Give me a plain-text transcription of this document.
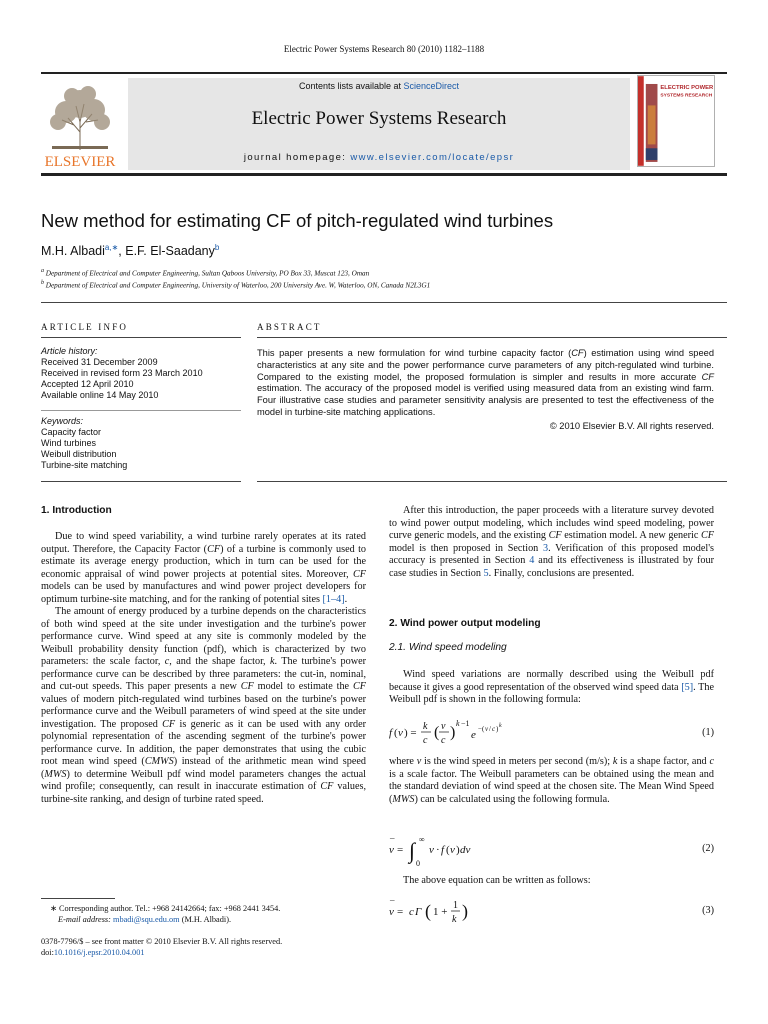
Electric Power Systems Research 80 (2010) 1182–1188
ELSEVIER
Contents lists available at ScienceDirect
Electric Power Systems Research
journal homepage: www.elsevier.com/locate/epsr
ELECTRIC POWER
SYSTEMS RESEARCH
New method for estimating CF of pitch-regulated wind turbines
M.H. Albadi$^{a,∗}$, E.F. El-Saadany$^b$
$^a$ Department of Electrical and Computer Engineering, Sultan Qaboos University, PO Box 33, Muscat 123, Oman
$^b$ Department of Electrical and Computer Engineering, University of Waterloo, 200 University Ave. W, Waterloo, ON, Canada N2L3G1
ARTICLE INFO
Article history:
Received 31 December 2009
Received in revised form 23 March 2010
Accepted 12 April 2010
Available online 14 May 2010
Keywords:
Capacity factor
Wind turbines
Weibull distribution
Turbine-site matching
ABSTRACT
This paper presents a new formulation for wind turbine capacity factor (CF) estimation using wind speed characteristics at any site and the power performance curve parameters of any pitch-regulated wind turbine. Compared to the existing model, the proposed formulation is simpler and results in more accurate CF estimation. The accuracy of the proposed model is verified using measured data from an existing wind farm. Four illustrative case studies and parameter sensitivity analysis are presented to test the effectiveness of the model in turbine-site matching applications.
© 2010 Elsevier B.V. All rights reserved.
1. Introduction

Due to wind speed variability, a wind turbine rarely operates at its rated output. Therefore, the Capacity Factor (CF) of a turbine is commonly used to estimate its average energy production, which in turn can be used for the economic appraisal of wind power projects at potential sites. Moreover, CF models can be used by manufactures and wind power project developers for optimum turbine-site matching, and for the ranking of potential sites [1–4].

The amount of energy produced by a turbine depends on the characteristics of both wind speed at the site under investigation and the turbine's power performance curve. Wind speed at any site is commonly modeled by the Weibull probability density function (pdf), which is characterized by two parameters: the scale factor, c, and the shape factor, k. The turbine's power performance curve can be described by three parameters: the cut-in, nominal, and cut-out speeds. This paper presents a new CF model to estimate the CF values of modern pitch-regulated wind turbines based on the turbine's power performance curve and the Weibull parameters of wind speed at the site under investigation. The proposed CF is generic as it can be used with any order polynomial representation of the ascending segment of the turbine's power performance curve. In addition, the paper demonstrates that using the cubic root mean wind speed (CMWS) instead of the arithmetic mean wind speed (MWS) to determine Weibull pdf wind model parameters changes the actual wind profile; consequently, can result in inaccurate estimation of CF values, turbine-site ranking, and design of turbine rated speed.

∗ Corresponding author. Tel.: +968 24142664; fax: +968 2441 3454.
E-mail address: mbadi@squ.edu.om (M.H. Albadi).
0378-7796/$ – see front matter © 2010 Elsevier B.V. All rights reserved.
doi:10.1016/j.epsr.2010.04.001

After this introduction, the paper proceeds with a literature survey devoted to wind power output modeling, which includes wind speed modeling, power curve generic models, and the existing CF estimation model. A new generic CF model is then proposed in Section 3. Verification of this proposed model's accuracy is presented in Section 4 and its effectiveness is illustrated by four case studies in Section 5. Finally, conclusions are presented.

2. Wind power output modeling
2.1. Wind speed modeling

Wind speed variations are normally described using the Weibull pdf because it gives a good representation of the observed wind speed data [5]. The Weibull pdf is shown in the following formula:

f ( v ) =
k
c ( v
c )
k −1
e −( v / c ) k
(1)

where v is the wind speed in meters per second (m/s); k is a shape factor, and c is a scale factor. The Weibull parameters can be obtained using the mean and the standard deviation of wind speed at the chosen site. The Mean Wind Speed (MWS) can be calculated using the following formula.

v
¯
= ∫ ∞
0
v · f ( v ) dv	(2)

The above equation can be written as follows:

v
¯
= c Γ ( 1 +
1
k )	(3)
